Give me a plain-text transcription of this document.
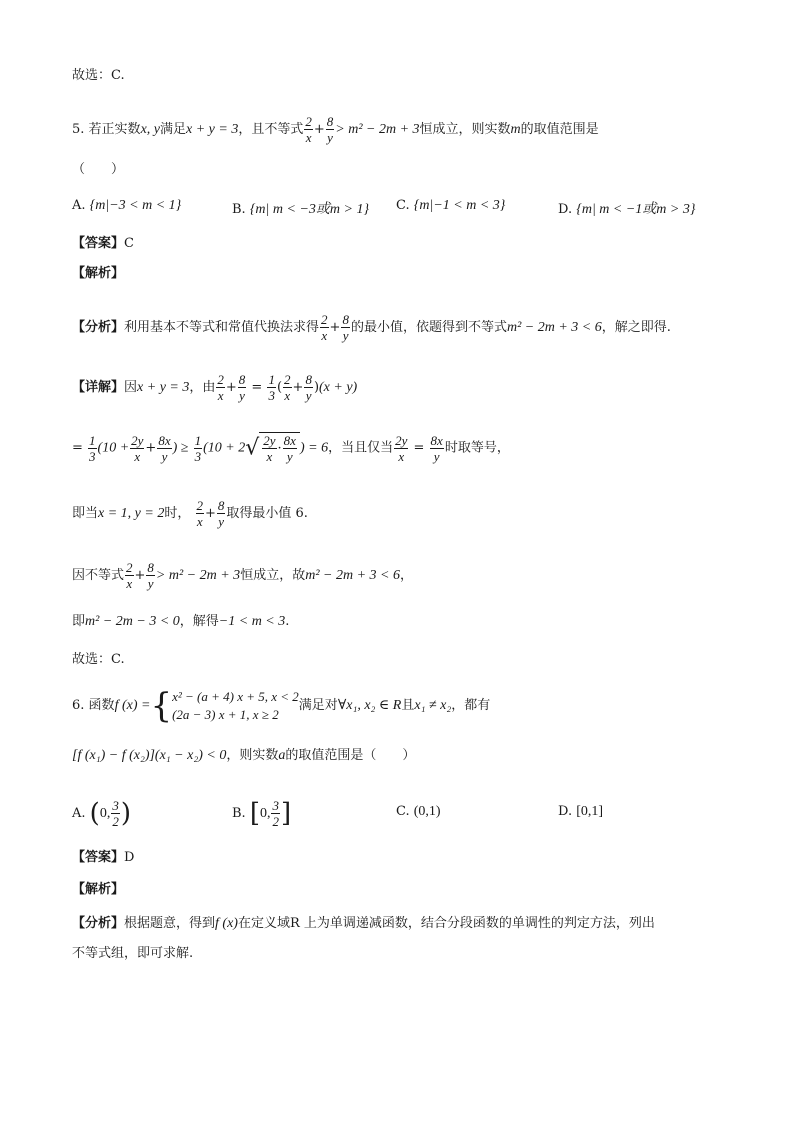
故选：C.
5. 若正实数x, y满足x + y = 3，且不等式 $\frac{2}{x} + \frac{8}{y} > m^2 - 2m + 3$恒成立，则实数m的取值范围是
（　　）
A. {m|−3 < m < 1}	B. {m| m < −3或m > 1} C. {m|−1 < m < 3}	D. {m| m < −1或m > 3}
【答案】C
【解析】
【分析】利用基本不等式和常值代换法求得 $\frac{2}{x} + \frac{8}{y}$ 的最小值，依题得到不等式m² − 2m + 3 < 6，解之即得.
【详解】因x + y = 3，由 $\frac{2}{x} + \frac{8}{y} = \frac{1}{3}$ ( $\frac{2}{x} + \frac{8}{y} )(x + y)$
= $\frac{1}{3} (10 + \frac{2y}{x} + \frac{8x}{y}$ ) ≥ $\frac{1}{3} (10 + 2√ \frac{2y}{x} \cdot \frac{8x}{y}$ ) = 6，当且仅当 $\frac{2y}{x} = \frac{8x}{y}$ 时取等号，
即当x = 1, y = 2时， $\frac{2}{x} + \frac{8}{y}$ 取得最小值 6.
因不等式 $\frac{2}{x} + \frac{8}{y} > m^2 - 2m + 3$恒成立，故m² − 2m + 3 < 6，
即m² − 2m − 3 < 0，解得−1 < m < 3.
故选：C.
6. 函数f (x) = { x² − (a + 4) x + 5, x < 2
(2a − 3) x + 1, x ≥ 2
满足对∀x₁, x₂ ∈ R且x₁ ≠ x₂，都有
[f (x₁) − f (x₂)](x₁ − x₂) < 0，则实数a的取值范围是（　　）
A. (0, $\frac{3}{2}$ )	B. [0, $\frac{3}{2}$ ]	C. (0,1)	D. [0,1]
【答案】D
【解析】
【分析】根据题意，得到f (x)在定义域R 上为单调递减函数，结合分段函数的单调性的判定方法，列出
不等式组，即可求解.
